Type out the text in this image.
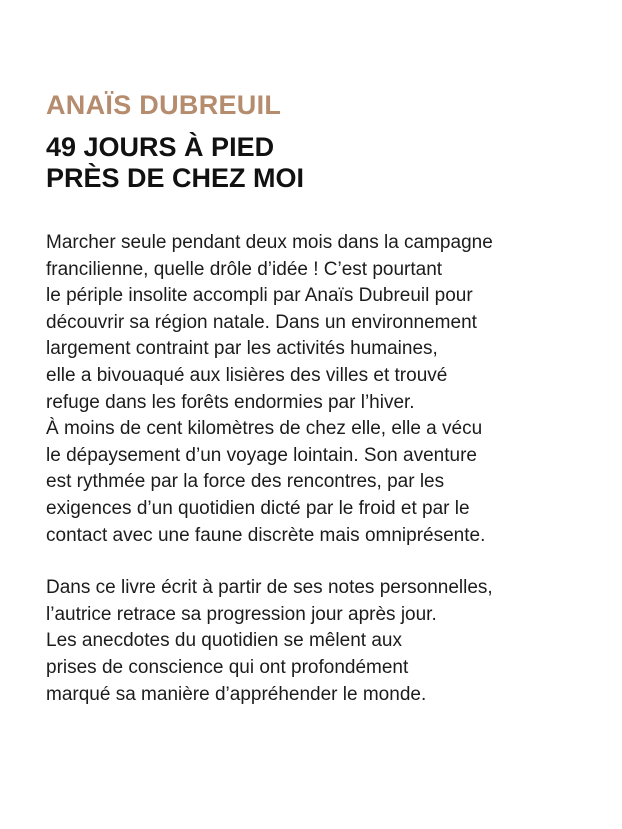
ANAÏS DUBREUIL
49 JOURS À PIED
PRÈS DE CHEZ MOI

Marcher seule pendant deux mois dans la campagne
francilienne, quelle drôle d’idée ! C’est pourtant
le périple insolite accompli par Anaïs Dubreuil pour
découvrir sa région natale. Dans un environnement
largement contraint par les activités humaines,
elle a bivouaqué aux lisières des villes et trouvé
refuge dans les forêts endormies par l’hiver.
À moins de cent kilomètres de chez elle, elle a vécu
le dépaysement d’un voyage lointain. Son aventure
est rythmée par la force des rencontres, par les
exigences d’un quotidien dicté par le froid et par le
contact avec une faune discrète mais omniprésente.

Dans ce livre écrit à partir de ses notes personnelles,
l’autrice retrace sa progression jour après jour.
Les anecdotes du quotidien se mêlent aux
prises de conscience qui ont profondément
marqué sa manière d’appréhender le monde.
